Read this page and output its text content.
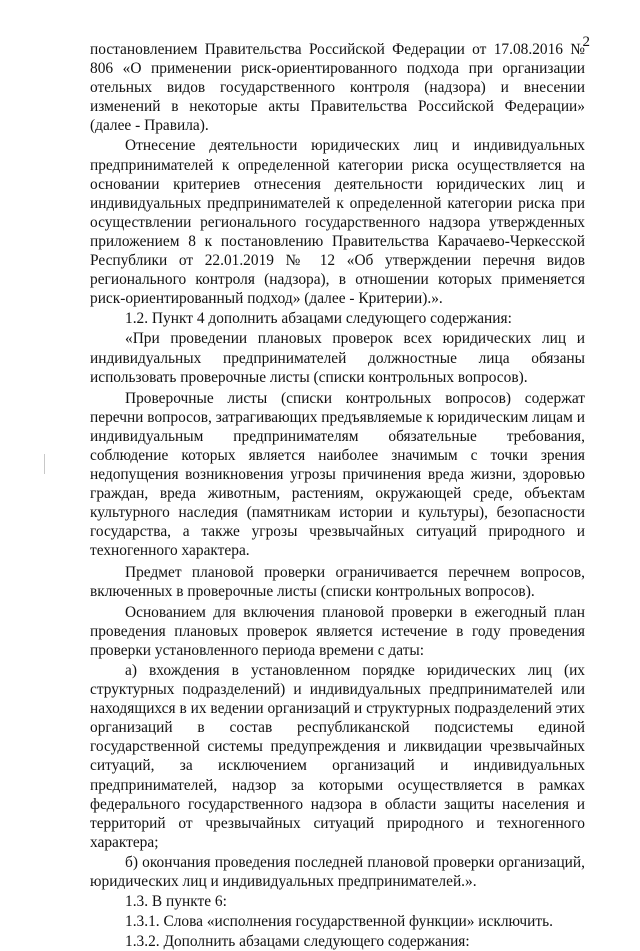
2

постановлением Правительства Российской Федерации от 17.08.2016 № 806 «О применении риск-ориентированного подхода при организации отельных видов государственного контроля (надзора) и внесении изменений в некоторые акты Правительства Российской Федерации» (далее - Правила).

Отнесение деятельности юридических лиц и индивидуальных предпринимателей к определенной категории риска осуществляется на основании критериев отнесения деятельности юридических лиц и индивидуальных предпринимателей к определенной категории риска при осуществлении регионального государственного надзора утвержденных приложением 8 к постановлению Правительства Карачаево-Черкесской Республики от 22.01.2019 № 12 «Об утверждении перечня видов регионального контроля (надзора), в отношении которых применяется риск-ориентированный подход» (далее - Критерии).».

1.2. Пункт 4 дополнить абзацами следующего содержания:

«При проведении плановых проверок всех юридических лиц и индивидуальных предпринимателей должностные лица обязаны использовать проверочные листы (списки контрольных вопросов).

Проверочные листы (списки контрольных вопросов) содержат перечни вопросов, затрагивающих предъявляемые к юридическим лицам и индивидуальным предпринимателям обязательные требования, соблюдение которых является наиболее значимым с точки зрения недопущения возникновения угрозы причинения вреда жизни, здоровью граждан, вреда животным, растениям, окружающей среде, объектам культурного наследия (памятникам истории и культуры), безопасности государства, а также угрозы чрезвычайных ситуаций природного и техногенного характера.

Предмет плановой проверки ограничивается перечнем вопросов, включенных в проверочные листы (списки контрольных вопросов).

Основанием для включения плановой проверки в ежегодный план проведения плановых проверок является истечение в году проведения проверки установленного периода времени с даты:

а) вхождения в установленном порядке юридических лиц (их структурных подразделений) и индивидуальных предпринимателей или находящихся в их ведении организаций и структурных подразделений этих организаций в состав республиканской подсистемы единой государственной системы предупреждения и ликвидации чрезвычайных ситуаций, за исключением организаций и индивидуальных предпринимателей, надзор за которыми осуществляется в рамках федерального государственного надзора в области защиты населения и территорий от чрезвычайных ситуаций природного и техногенного характера;

б) окончания проведения последней плановой проверки организаций, юридических лиц и индивидуальных предпринимателей.».

1.3. В пункте 6:

1.3.1. Слова «исполнения государственной функции» исключить.

1.3.2. Дополнить абзацами следующего содержания:
